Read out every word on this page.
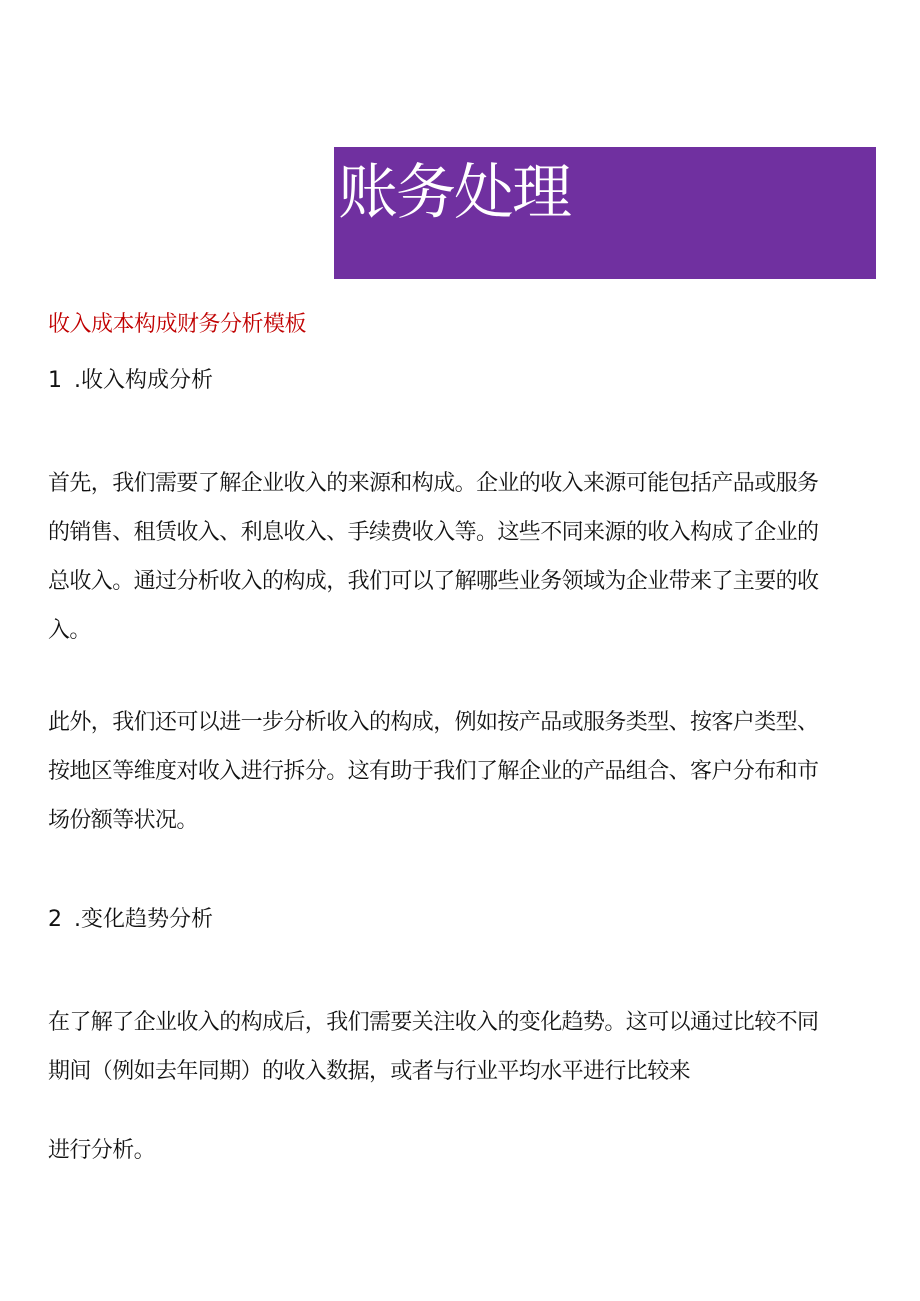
账务处理
收入成本构成财务分析模板
1 .收入构成分析

首先，我们需要了解企业收入的来源和构成。企业的收入来源可能包括产品或服务
的销售、租赁收入、利息收入、手续费收入等。这些不同来源的收入构成了企业的
总收入。通过分析收入的构成，我们可以了解哪些业务领域为企业带来了主要的收
入。

此外，我们还可以进一步分析收入的构成，例如按产品或服务类型、按客户类型、
按地区等维度对收入进行拆分。这有助于我们了解企业的产品组合、客户分布和市
场份额等状况。

2 .变化趋势分析

在了解了企业收入的构成后，我们需要关注收入的变化趋势。这可以通过比较不同
期间（例如去年同期）的收入数据，或者与行业平均水平进行比较来

进行分析。
